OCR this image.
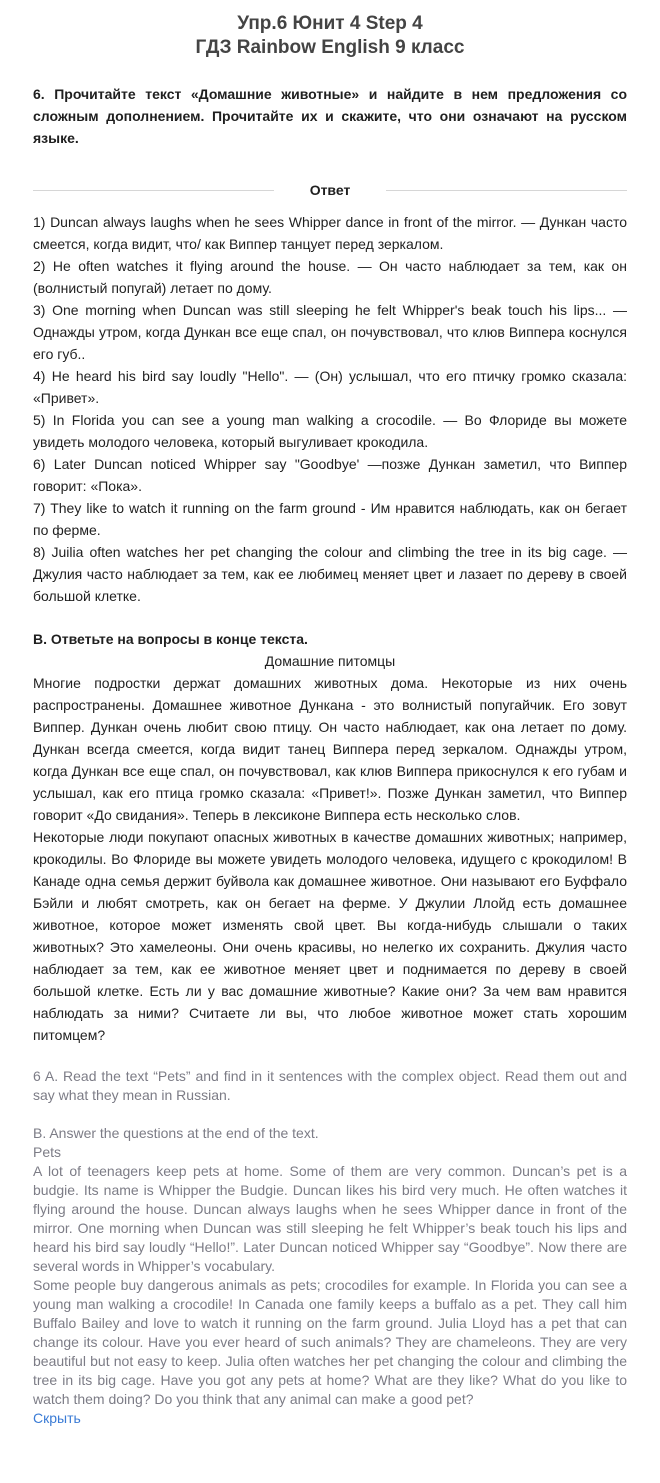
Упр.6 Юнит 4 Step 4
ГДЗ Rainbow English 9 класс
6. Прочитайте текст «Домашние животные» и найдите в нем предложения со сложным дополнением. Прочитайте их и скажите, что они означают на русском языке.
Ответ

1) Duncan always laughs when he sees Whipper dance in front of the mirror. — Дункан часто смеется, когда видит, что/ как Виппер танцует перед зеркалом.

2) He often watches it flying around the house. — Он часто наблюдает за тем, как он (волнистый попугай) летает по дому.

3) One morning when Duncan was still sleeping he felt Whipper's beak touch his lips... — Однажды утром, когда Дункан все еще спал, он почувствовал, что клюв Виппера коснулся его губ..

4) He heard his bird say loudly "Hello". — (Он) услышал, что его птичку громко сказала: «Привет».

5) In Florida you can see a young man walking a crocodile. — Во Флориде вы можете увидеть молодого человека, который выгуливает крокодила.

6) Later Duncan noticed Whipper say "Goodbye' —позже Дункан заметил, что Виппер говорит: «Пока».

7) They like to watch it running on the farm ground - Им нравится наблюдать, как он бегает по ферме.

8) Juilia often watches her pet changing the colour and climbing the tree in its big cage. — Джулия часто наблюдает за тем, как ее любимец меняет цвет и лазает по дереву в своей большой клетке.

В. Ответьте на вопросы в конце текста.
Домашние питомцы

Многие подростки держат домашних животных дома. Некоторые из них очень распространены. Домашнее животное Дункана - это волнистый попугайчик. Его зовут Виппер. Дункан очень любит свою птицу. Он часто наблюдает, как она летает по дому. Дункан всегда смеется, когда видит танец Виппера перед зеркалом. Однажды утром, когда Дункан все еще спал, он почувствовал, как клюв Виппера прикоснулся к его губам и услышал, как его птица громко сказала: «Привет!». Позже Дункан заметил, что Виппер говорит «До свидания». Теперь в лексиконе Виппера есть несколько слов.

Некоторые люди покупают опасных животных в качестве домашних животных; например, крокодилы. Во Флориде вы можете увидеть молодого человека, идущего с крокодилом! В Канаде одна семья держит буйвола как домашнее животное. Они называют его Буффало Бэйли и любят смотреть, как он бегает на ферме. У Джулии Ллойд есть домашнее животное, которое может изменять свой цвет. Вы когда-нибудь слышали о таких животных? Это хамелеоны. Они очень красивы, но нелегко их сохранить. Джулия часто наблюдает за тем, как ее животное меняет цвет и поднимается по дереву в своей большой клетке. Есть ли у вас домашние животные? Какие они? За чем вам нравится наблюдать за ними? Считаете ли вы, что любое животное может стать хорошим питомцем?

6 A. Read the text “Pets” and find in it sentences with the complex object. Read them out and say what they mean in Russian.

B. Answer the questions at the end of the text.

Pets

A lot of teenagers keep pets at home. Some of them are very common. Duncan’s pet is a budgie. Its name is Whipper the Budgie. Duncan likes his bird very much. He often watches it flying around the house. Duncan always laughs when he sees Whipper dance in front of the mirror. One morning when Duncan was still sleeping he felt Whipper’s beak touch his lips and heard his bird say loudly “Hello!”. Later Duncan noticed Whipper say “Goodbye”. Now there are several words in Whipper’s vocabulary.

Some people buy dangerous animals as pets; crocodiles for example. In Florida you can see a young man walking a crocodile! In Canada one family keeps a buffalo as a pet. They call him Buffalo Bailey and love to watch it running on the farm ground. Julia Lloyd has a pet that can change its colour. Have you ever heard of such animals? They are chameleons. They are very beautiful but not easy to keep. Julia often watches her pet changing the colour and climbing the tree in its big cage. Have you got any pets at home? What are they like? What do you like to watch them doing? Do you think that any animal can make a good pet?

Скрыть
